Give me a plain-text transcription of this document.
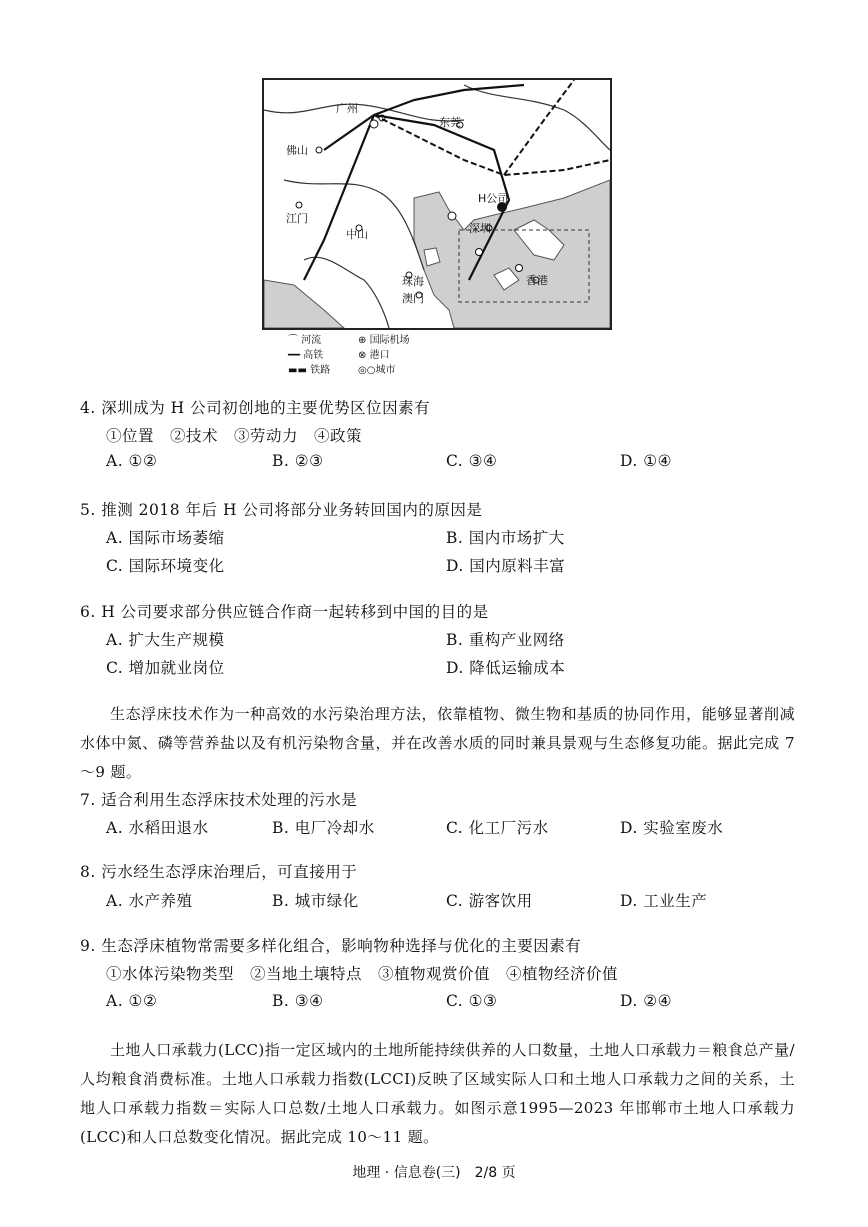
广州
东莞
佛山
江门
中山
H公司
深圳
珠海
澳门
香港
⌒ 河流	⊕ 国际机场
━━ 高铁	⊗ 港口
▬▬ 铁路	◎○城市
4. 深圳成为 H 公司初创地的主要优势区位因素有
①位置　②技术　③劳动力　④政策
A. ①②	B. ②③	C. ③④	D. ①④
5. 推测 2018 年后 H 公司将部分业务转回国内的原因是
A. 国际市场萎缩	B. 国内市场扩大
C. 国际环境变化	D. 国内原料丰富
6. H 公司要求部分供应链合作商一起转移到中国的目的是
A. 扩大生产规模	B. 重构产业网络
C. 增加就业岗位	D. 降低运输成本
生态浮床技术作为一种高效的水污染治理方法，依靠植物、微生物和基质的协同作用，能够显著削减水体中氮、磷等营养盐以及有机污染物含量，并在改善水质的同时兼具景观与生态修复功能。据此完成 7～9 题。
7. 适合利用生态浮床技术处理的污水是
A. 水稻田退水	B. 电厂冷却水	C. 化工厂污水	D. 实验室废水
8. 污水经生态浮床治理后，可直接用于
A. 水产养殖	B. 城市绿化	C. 游客饮用	D. 工业生产
9. 生态浮床植物常需要多样化组合，影响物种选择与优化的主要因素有
①水体污染物类型　②当地土壤特点　③植物观赏价值　④植物经济价值
A. ①②	B. ③④	C. ①③	D. ②④
土地人口承载力(LCC)指一定区域内的土地所能持续供养的人口数量，土地人口承载力＝粮食总产量/人均粮食消费标准。土地人口承载力指数(LCCI)反映了区域实际人口和土地人口承载力之间的关系，土地人口承载力指数＝实际人口总数/土地人口承载力。如图示意1995—2023 年邯郸市土地人口承载力(LCC)和人口总数变化情况。据此完成 10～11 题。
地理 · 信息卷(三)　2/8 页
